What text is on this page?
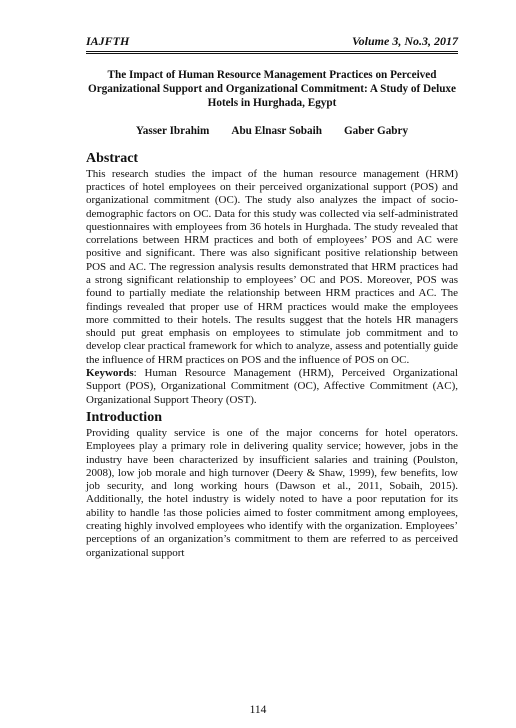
IAJFTH	Volume 3, No.3, 2017
The Impact of Human Resource Management Practices on Perceived Organizational Support and Organizational Commitment: A Study of Deluxe Hotels in Hurghada, Egypt
Yasser Ibrahim Abu Elnasr Sobaih Gaber Gabry
Abstract

This research studies the impact of the human resource management (HRM) practices of hotel employees on their perceived organizational support (POS) and organizational commitment (OC). The study also analyzes the impact of socio-demographic factors on OC. Data for this study was collected via self-administrated questionnaires with employees from 36 hotels in Hurghada. The study revealed that correlations between HRM practices and both of employees’ POS and AC were positive and significant. There was also significant positive relationship between POS and AC. The regression analysis results demonstrated that HRM practices had a strong significant relationship to employees’ OC and POS. Moreover, POS was found to partially mediate the relationship between HRM practices and AC. The findings revealed that proper use of HRM practices would make the employees more committed to their hotels. The results suggest that the hotels HR managers should put great emphasis on employees to stimulate job commitment and to develop clear practical framework for which to analyze, assess and potentially guide the influence of HRM practices on POS and the influence of POS on OC.

Keywords: Human Resource Management (HRM), Perceived Organizational Support (POS), Organizational Commitment (OC), Affective Commitment (AC), Organizational Support Theory (OST).

Introduction

Providing quality service is one of the major concerns for hotel operators. Employees play a primary role in delivering quality service; however, jobs in the industry have been characterized by insufficient salaries and training (Poulston, 2008), low job morale and high turnover (Deery & Shaw, 1999), few benefits, low job security, and long working hours (Dawson et al., 2011, Sobaih, 2015). Additionally, the hotel industry is widely noted to have a poor reputation for its ability to handle !as those policies aimed to foster commitment among employees, creating highly involved employees who identify with the organization. Employees’ perceptions of an organization’s commitment to them are referred to as perceived organizational support

114
